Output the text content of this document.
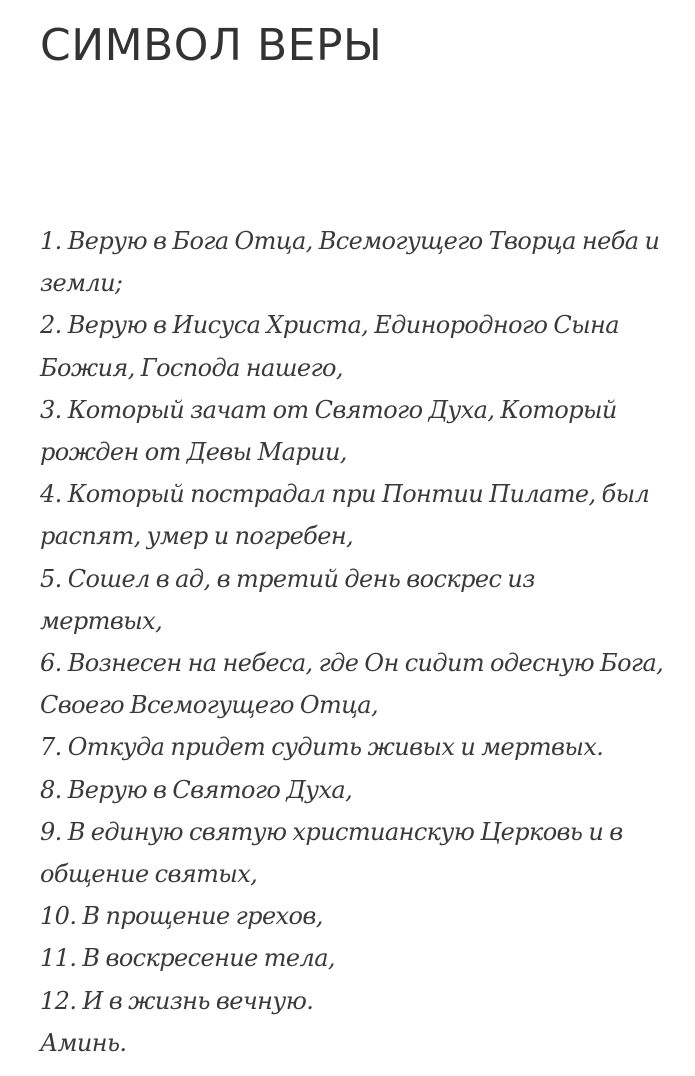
СИМВОЛ ВЕРЫ
1. Верую в Бога Отца, Всемогущего Творца неба и
земли;
2. Верую в Иисуса Христа, Единородного Сына
Божия, Господа нашего,
3. Который зачат от Святого Духа, Который
рожден от Девы Марии,
4. Который пострадал при Понтии Пилате, был
распят, умер и погребен,
5. Сошел в ад, в третий день воскрес из
мертвых,
6. Вознесен на небеса, где Он сидит одесную Бога,
Своего Всемогущего Отца,
7. Откуда придет судить живых и мертвых.
8. Верую в Святого Духа,
9. В единую святую христианскую Церковь и в
общение святых,
10. В прощение грехов,
11. В воскресение тела,
12. И в жизнь вечную.
Аминь.
